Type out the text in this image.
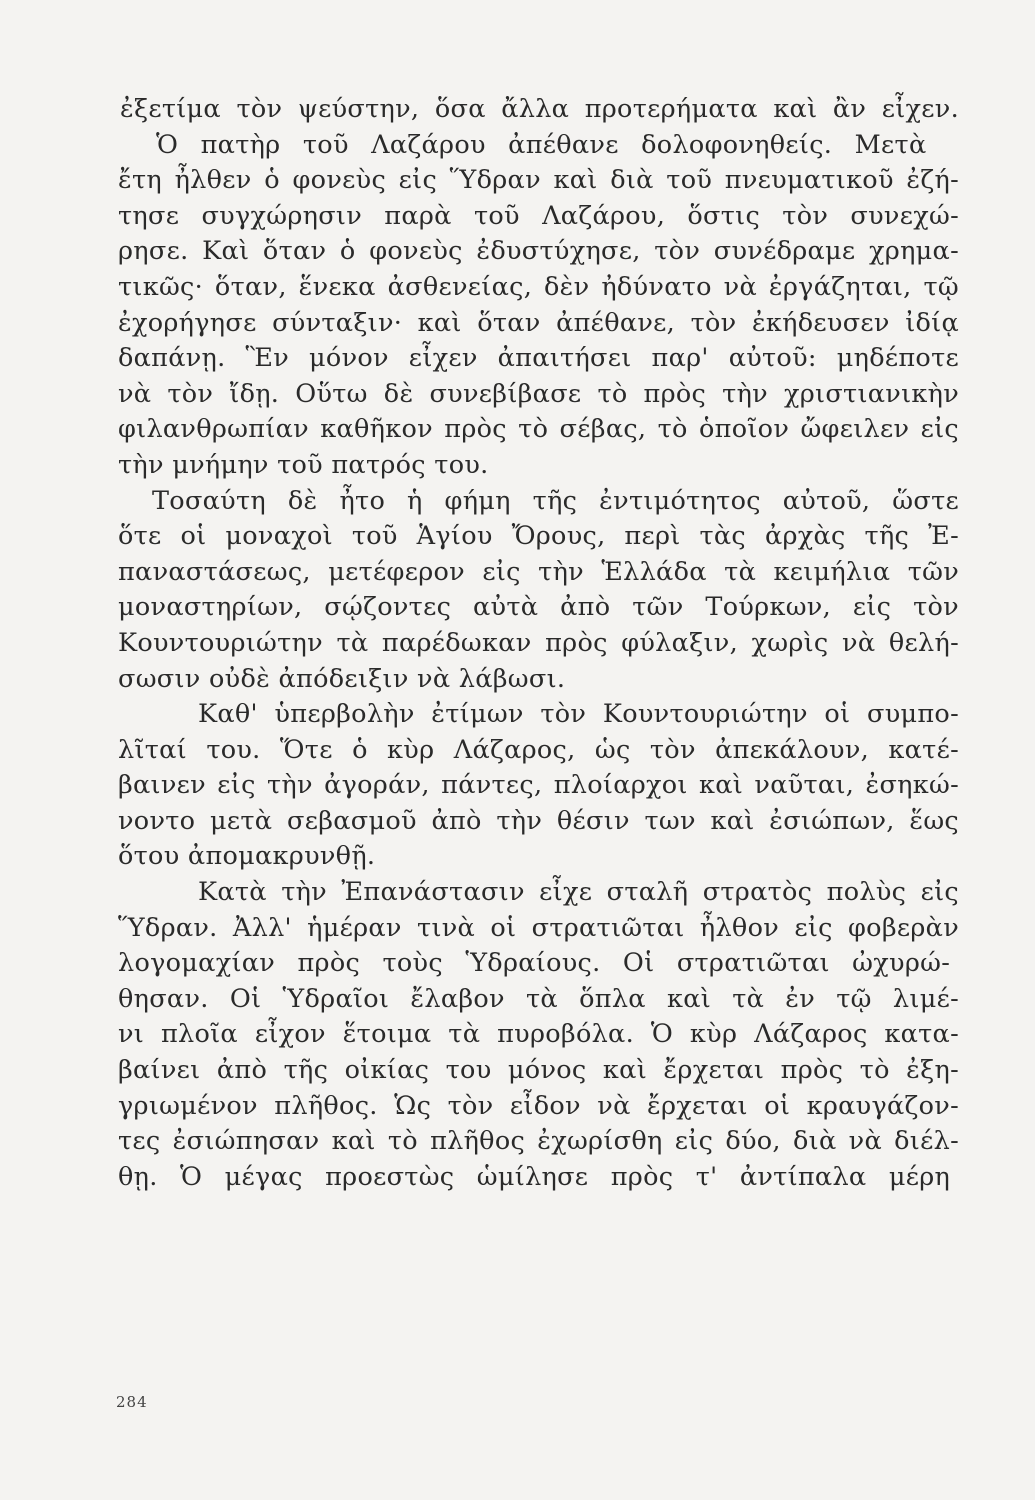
ἐξετίμα τὸν ψεύστην, ὅσα ἄλλα προτερήματα καὶ ἂν εἶχεν.
Ὁ πατὴρ τοῦ Λαζάρου ἀπέθανε δολοφονηθείς. Μετὰ
ἔτη ἦλθεν ὁ φονεὺς εἰς Ὕδραν καὶ διὰ τοῦ πνευματικοῦ ἐζή-
τησε συγχώρησιν παρὰ τοῦ Λαζάρου, ὅστις τὸν συνεχώ-
ρησε. Καὶ ὅταν ὁ φονεὺς ἐδυστύχησε, τὸν συνέδραμε χρημα-
τικῶς· ὅταν, ἕνεκα ἀσθενείας, δὲν ἠδύνατο νὰ ἐργάζηται, τῷ
ἐχορήγησε σύνταξιν· καὶ ὅταν ἀπέθανε, τὸν ἐκήδευσεν ἰδίᾳ
δαπάνῃ. Ἓν μόνον εἶχεν ἀπαιτήσει παρ' αὐτοῦ: μηδέποτε
νὰ τὸν ἴδῃ. Οὕτω δὲ συνεβίβασε τὸ πρὸς τὴν χριστιανικὴν
φιλανθρωπίαν καθῆκον πρὸς τὸ σέβας, τὸ ὁποῖον ὤφειλεν εἰς
τὴν μνήμην τοῦ πατρός του.
Τοσαύτη δὲ ἦτο ἡ φήμη τῆς ἐντιμότητος αὐτοῦ, ὥστε
ὅτε οἱ μοναχοὶ τοῦ Ἁγίου Ὄρους, περὶ τὰς ἀρχὰς τῆς Ἐ-
παναστάσεως, μετέφερον εἰς τὴν Ἑλλάδα τὰ κειμήλια τῶν
μοναστηρίων, σῴζοντες αὐτὰ ἀπὸ τῶν Τούρκων, εἰς τὸν
Κουντουριώτην τὰ παρέδωκαν πρὸς φύλαξιν, χωρὶς νὰ θελή-
σωσιν οὐδὲ ἀπόδειξιν νὰ λάβωσι.
Καθ' ὑπερβολὴν ἐτίμων τὸν Κουντουριώτην οἱ συμπο-
λῖταί του. Ὅτε ὁ κὺρ Λάζαρος, ὡς τὸν ἀπεκάλουν, κατέ-
βαινεν εἰς τὴν ἀγοράν, πάντες, πλοίαρχοι καὶ ναῦται, ἐσηκώ-
νοντο μετὰ σεβασμοῦ ἀπὸ τὴν θέσιν των καὶ ἐσιώπων, ἕως
ὅτου ἀπομακρυνθῇ.
Κατὰ τὴν Ἐπανάστασιν εἶχε σταλῆ στρατὸς πολὺς εἰς
Ὕδραν. Ἀλλ' ἡμέραν τινὰ οἱ στρατιῶται ἦλθον εἰς φοβερὰν
λογομαχίαν πρὸς τοὺς Ὑδραίους. Οἱ στρατιῶται ὠχυρώ-
θησαν. Οἱ Ὑδραῖοι ἔλαβον τὰ ὅπλα καὶ τὰ ἐν τῷ λιμέ-
νι πλοῖα εἶχον ἕτοιμα τὰ πυροβόλα. Ὁ κὺρ Λάζαρος κατα-
βαίνει ἀπὸ τῆς οἰκίας του μόνος καὶ ἔρχεται πρὸς τὸ ἐξη-
γριωμένον πλῆθος. Ὡς τὸν εἶδον νὰ ἔρχεται οἱ κραυγάζον-
τες ἐσιώπησαν καὶ τὸ πλῆθος ἐχωρίσθη εἰς δύο, διὰ νὰ διέλ-
θῃ. Ὁ μέγας προεστὼς ὡμίλησε πρὸς τ' ἀντίπαλα μέρη
284
